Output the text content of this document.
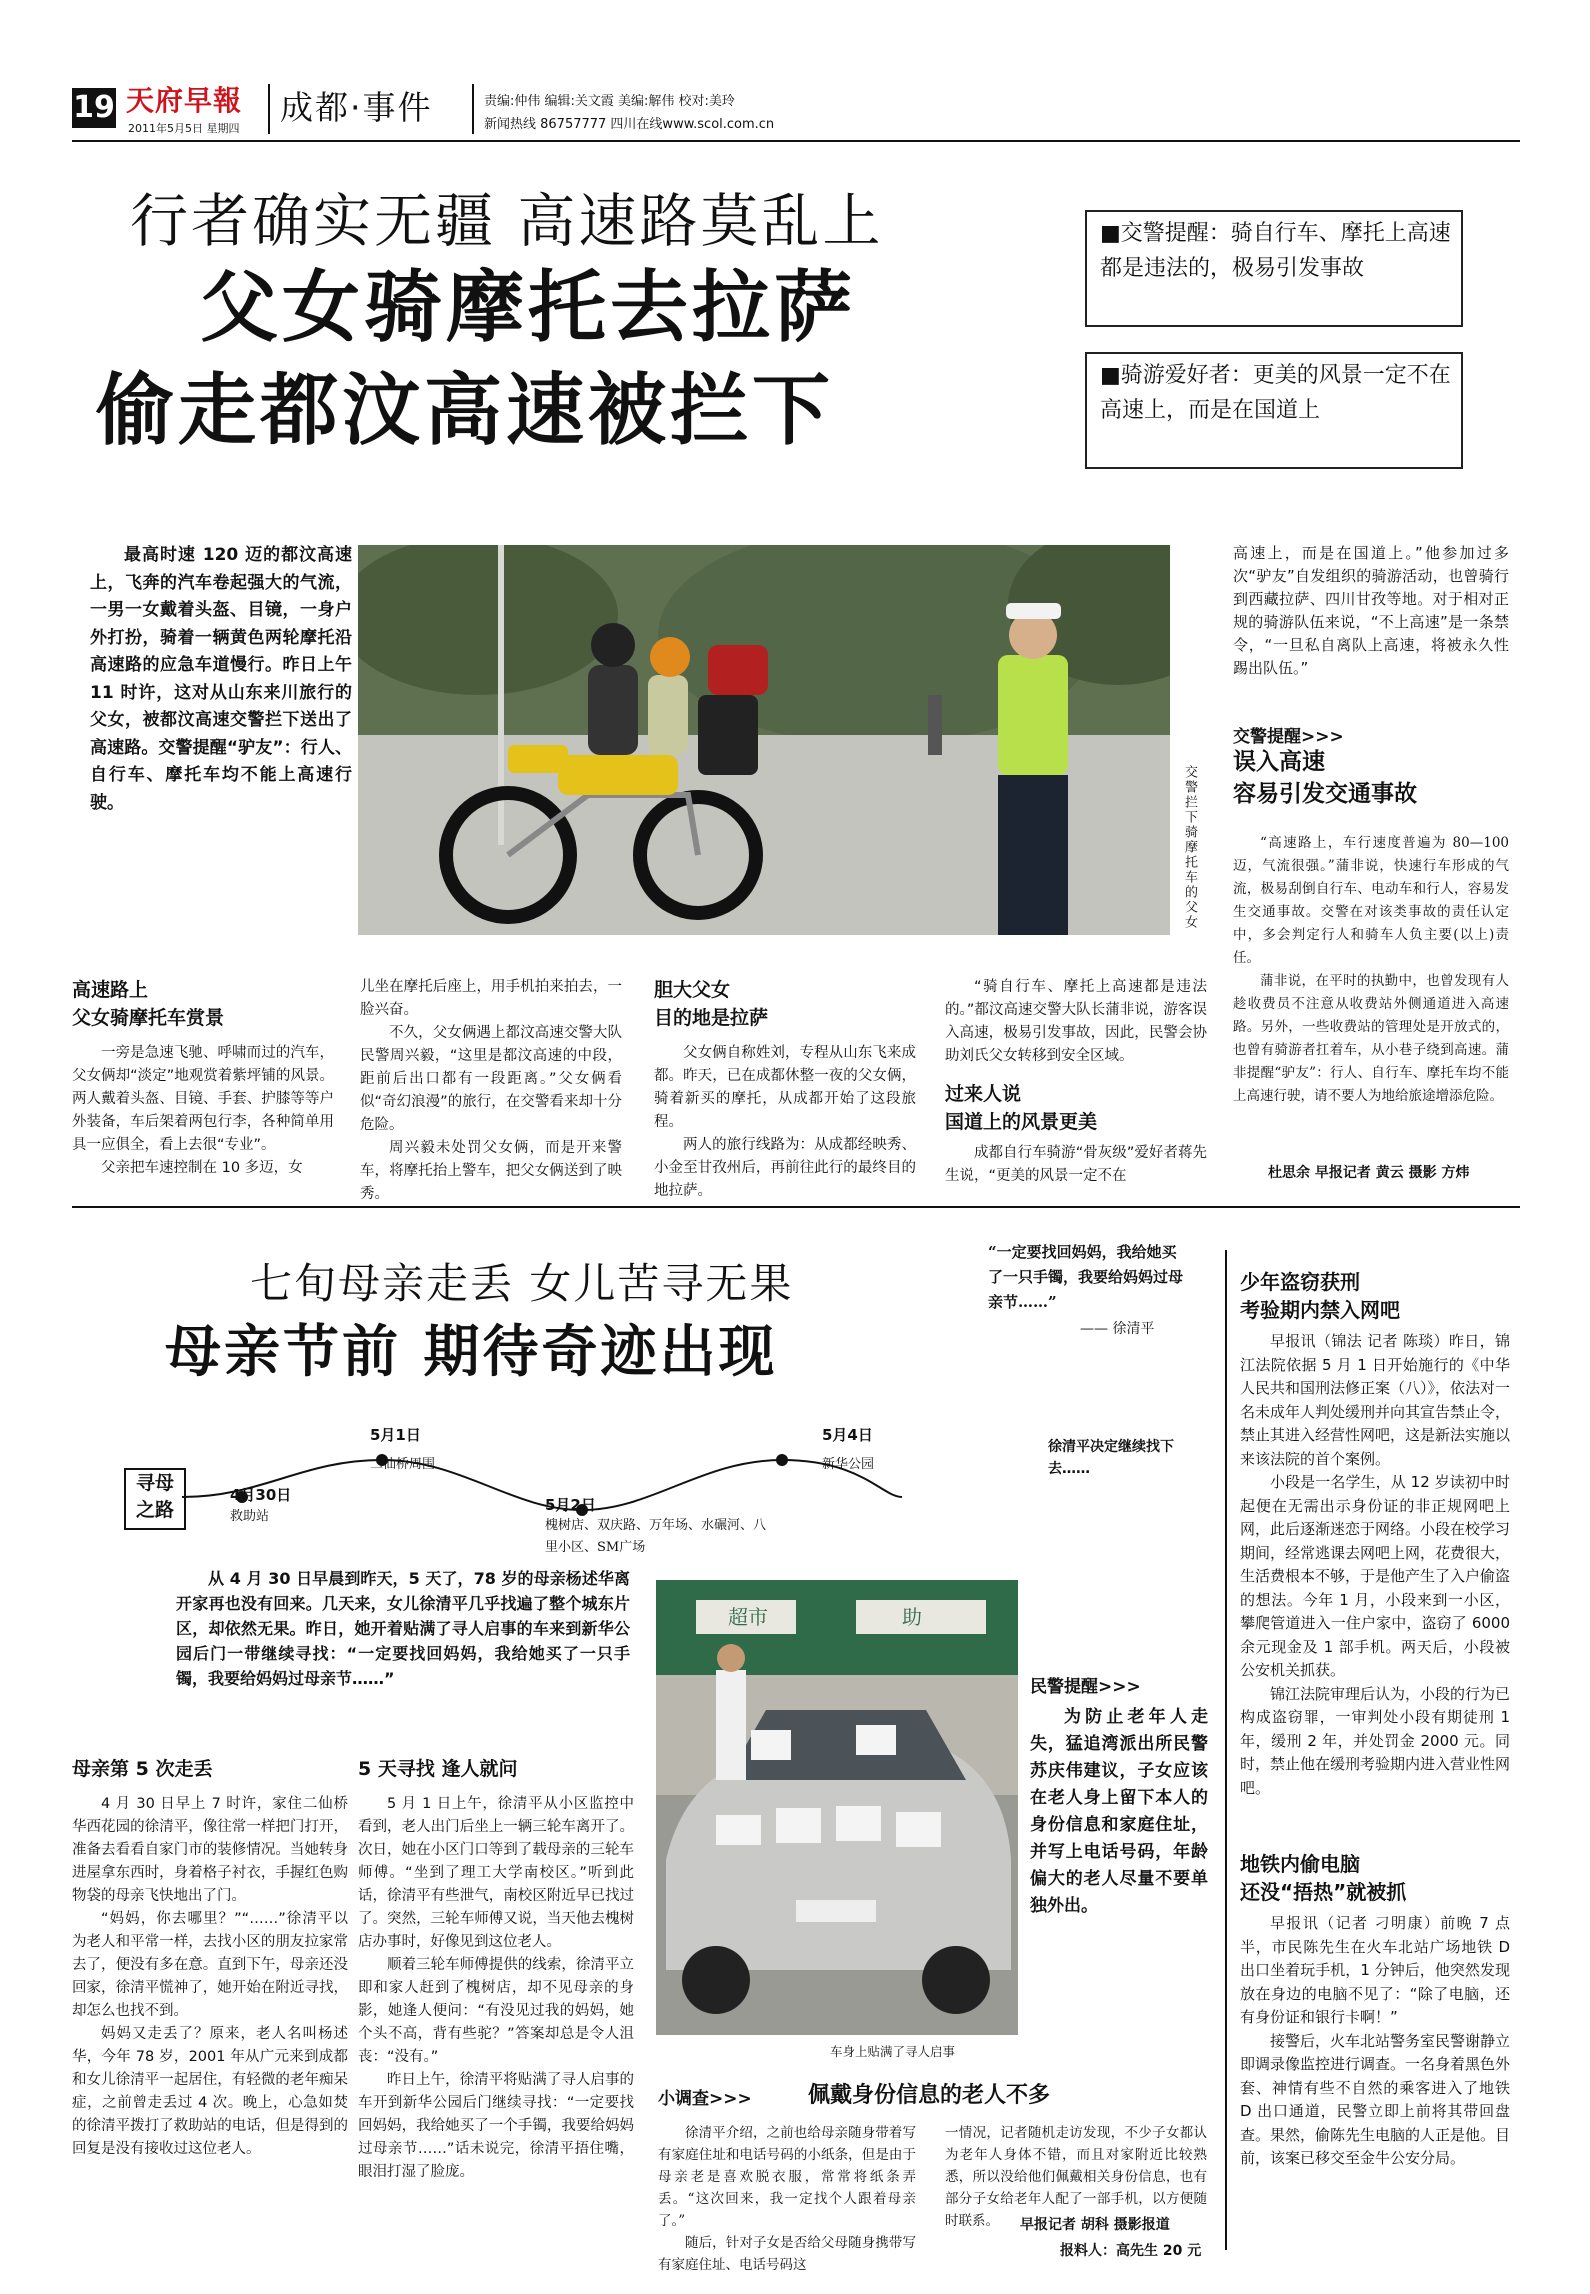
19 天府早報
2011年5月5日 星期四
成都·事件	责编:仲伟 编辑:关文霞 美编:解伟 校对:美玲
新闻热线 86757777 四川在线www.scol.com.cn
行者确实无疆 高速路莫乱上
父女骑摩托去拉萨
偷走都汶高速被拦下
■交警提醒：骑自行车、摩托上高速都是违法的，极易引发事故
■骑游爱好者：更美的风景一定不在高速上，而是在国道上
最高时速 120 迈的都汶高速上，飞奔的汽车卷起强大的气流，一男一女戴着头盔、目镜，一身户外打扮，骑着一辆黄色两轮摩托沿高速路的应急车道慢行。昨日上午 11 时许，这对从山东来川旅行的父女，被都汶高速交警拦下送出了高速路。交警提醒“驴友”：行人、自行车、摩托车均不能上高速行驶。	交警拦下骑摩托车的父女
高速上，而是在国道上。”他参加过多次“驴友”自发组织的骑游活动，也曾骑行到西藏拉萨、四川甘孜等地。对于相对正规的骑游队伍来说，“不上高速”是一条禁令，“一旦私自离队上高速，将被永久性踢出队伍。”
交警提醒>>>
误入高速
容易引发交通事故

“高速路上，车行速度普遍为 80—100 迈，气流很强。”蒲非说，快速行车形成的气流，极易刮倒自行车、电动车和行人，容易发生交通事故。交警在对该类事故的责任认定中，多会判定行人和骑车人负主要(以上)责任。

蒲非说，在平时的执勤中，也曾发现有人趁收费员不注意从收费站外侧通道进入高速路。另外，一些收费站的管理处是开放式的，也曾有骑游者扛着车，从小巷子绕到高速。蒲非提醒“驴友”：行人、自行车、摩托车均不能上高速行驶，请不要人为地给旅途增添危险。

杜思余 早报记者 黄云 摄影 方炜
高速路上
父女骑摩托车赏景

一旁是急速飞驰、呼啸而过的汽车，父女俩却“淡定”地观赏着紫坪铺的风景。两人戴着头盔、目镜、手套、护膝等等户外装备，车后架着两包行李，各种简单用具一应俱全，看上去很“专业”。

父亲把车速控制在 10 多迈，女

儿坐在摩托后座上，用手机拍来拍去，一脸兴奋。

不久，父女俩遇上都汶高速交警大队民警周兴毅，“这里是都汶高速的中段，距前后出口都有一段距离。”父女俩看似“奇幻浪漫”的旅行，在交警看来却十分危险。

周兴毅未处罚父女俩，而是开来警车，将摩托抬上警车，把父女俩送到了映秀。

胆大父女
目的地是拉萨

父女俩自称姓刘，专程从山东飞来成都。昨天，已在成都休整一夜的父女俩，骑着新买的摩托，从成都开始了这段旅程。

两人的旅行线路为：从成都经映秀、小金至甘孜州后，再前往此行的最终目的地拉萨。

“骑自行车、摩托上高速都是违法的。”都汶高速交警大队长蒲非说，游客误入高速，极易引发事故，因此，民警会协助刘氏父女转移到安全区域。

过来人说
国道上的风景更美

成都自行车骑游“骨灰级”爱好者蒋先生说，“更美的风景一定不在

七旬母亲走丢 女儿苦寻无果
母亲节前 期待奇迹出现
“一定要找回妈妈，我给她买了一只手镯，我要给妈妈过母亲节……”
—— 徐清平
寻母
之路
4月30日
救助站
5月1日
二仙桥周围
5月2日
槐树店、双庆路、万年场、水碾河、八里小区、SM广场
5月4日
新华公园
徐清平决定继续找下去……
从 4 月 30 日早晨到昨天，5 天了，78 岁的母亲杨述华离开家再也没有回来。几天来，女儿徐清平几乎找遍了整个城东片区，却依然无果。昨日，她开着贴满了寻人启事的车来到新华公园后门一带继续寻找：“一定要找回妈妈，我给她买了一只手镯，我要给妈妈过母亲节……”
母亲第 5 次走丢

4 月 30 日早上 7 时许，家住二仙桥华西花园的徐清平，像往常一样把门打开，准备去看看自家门市的装修情况。当她转身进屋拿东西时，身着格子衬衣，手握红色购物袋的母亲飞快地出了门。

“妈妈，你去哪里？”“……”徐清平以为老人和平常一样，去找小区的朋友拉家常去了，便没有多在意。直到下午，母亲还没回家，徐清平慌神了，她开始在附近寻找，却怎么也找不到。

妈妈又走丢了？原来，老人名叫杨述华，今年 78 岁，2001 年从广元来到成都和女儿徐清平一起居住，有轻微的老年痴呆症，之前曾走丢过 4 次。晚上，心急如焚的徐清平拨打了救助站的电话，但是得到的回复是没有接收过这位老人。

5 天寻找 逢人就问

5 月 1 日上午，徐清平从小区监控中看到，老人出门后坐上一辆三轮车离开了。次日，她在小区门口等到了载母亲的三轮车师傅。“坐到了理工大学南校区。”听到此话，徐清平有些泄气，南校区附近早已找过了。突然，三轮车师傅又说，当天他去槐树店办事时，好像见到这位老人。

顺着三轮车师傅提供的线索，徐清平立即和家人赶到了槐树店，却不见母亲的身影，她逢人便问：“有没见过我的妈妈，她个头不高，背有些驼？”答案却总是令人沮丧：“没有。”

昨日上午，徐清平将贴满了寻人启事的车开到新华公园后门继续寻找：“一定要找回妈妈，我给她买了一个手镯，我要给妈妈过母亲节……”话未说完，徐清平捂住嘴，眼泪打湿了脸庞。

超市	助
车身上贴满了寻人启事
民警提醒>>>
为防止老年人走失，猛追湾派出所民警苏庆伟建议，子女应该在老人身上留下本人的身份信息和家庭住址，并写上电话号码，年龄偏大的老人尽量不要单独外出。
小调查>>>	佩戴身份信息的老人不多

徐清平介绍，之前也给母亲随身带着写有家庭住址和电话号码的小纸条，但是由于母亲老是喜欢脱衣服，常常将纸条弄丢。“这次回来，我一定找个人跟着母亲了。”

随后，针对子女是否给父母随身携带写有家庭住址、电话号码这

一情况，记者随机走访发现，不少子女都认为老年人身体不错，而且对家附近比较熟悉，所以没给他们佩戴相关身份信息，也有部分子女给老年人配了一部手机，以方便随时联系。	早报记者 胡科 摄影报道
报料人：高先生 20 元
少年盗窃获刑
考验期内禁入网吧

早报讯（锦法 记者 陈琰）昨日，锦江法院依据 5 月 1 日开始施行的《中华人民共和国刑法修正案（八）》，依法对一名未成年人判处缓刑并向其宣告禁止令，禁止其进入经营性网吧，这是新法实施以来该法院的首个案例。

小段是一名学生，从 12 岁读初中时起便在无需出示身份证的非正规网吧上网，此后逐渐迷恋于网络。小段在校学习期间，经常逃课去网吧上网，花费很大，生活费根本不够，于是他产生了入户偷盗的想法。今年 1 月，小段来到一小区，攀爬管道进入一住户家中，盗窃了 6000 余元现金及 1 部手机。两天后，小段被公安机关抓获。

锦江法院审理后认为，小段的行为已构成盗窃罪，一审判处小段有期徒刑 1 年，缓刑 2 年，并处罚金 2000 元。同时，禁止他在缓刑考验期内进入营业性网吧。

地铁内偷电脑
还没“捂热”就被抓

早报讯（记者 刁明康）前晚 7 点半，市民陈先生在火车北站广场地铁 D 出口坐着玩手机，1 分钟后，他突然发现放在身边的电脑不见了：“除了电脑，还有身份证和银行卡啊！”

接警后，火车北站警务室民警谢静立即调录像监控进行调查。一名身着黑色外套、神情有些不自然的乘客进入了地铁 D 出口通道，民警立即上前将其带回盘查。果然，偷陈先生电脑的人正是他。目前，该案已移交至金牛公安分局。
